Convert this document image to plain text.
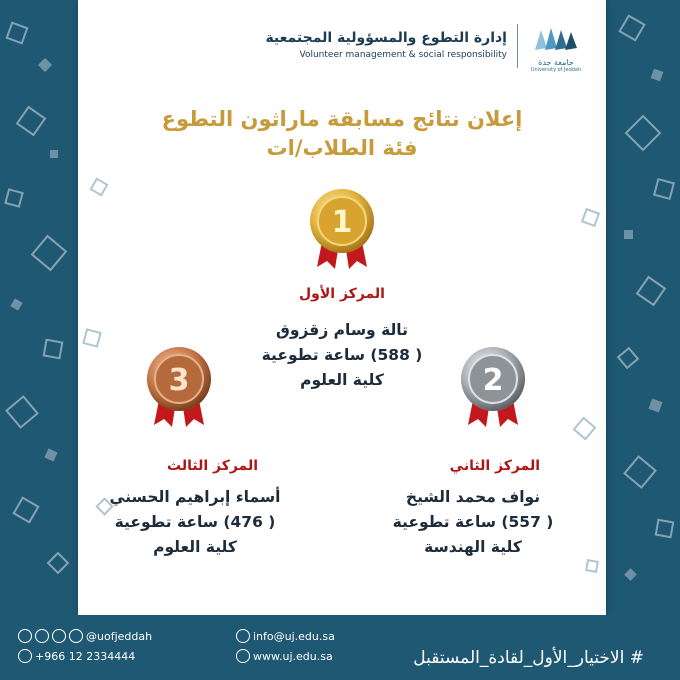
إدارة التطوع والمسؤولية المجتمعية
Volunteer management & social responsibility
جامعة جدة
University of Jeddah
إعلان نتائج مسابقة ماراثون التطوع
فئة الطلاب/ات
1
المركز الأول
تالة وسام زقزوق
( 588) ساعة تطوعية
كلية العلوم
3	2
المركز الثالث
أسماء إبراهيم الحسني
( 476) ساعة تطوعية
كلية العلوم
المركز الثاني
نواف محمد الشيخ
( 557) ساعة تطوعية
كلية الهندسة
@uofjeddah
+966 12 2334444
info@uj.edu.sa
www.uj.edu.sa	# الاختيار_الأول_لقادة_المستقبل
